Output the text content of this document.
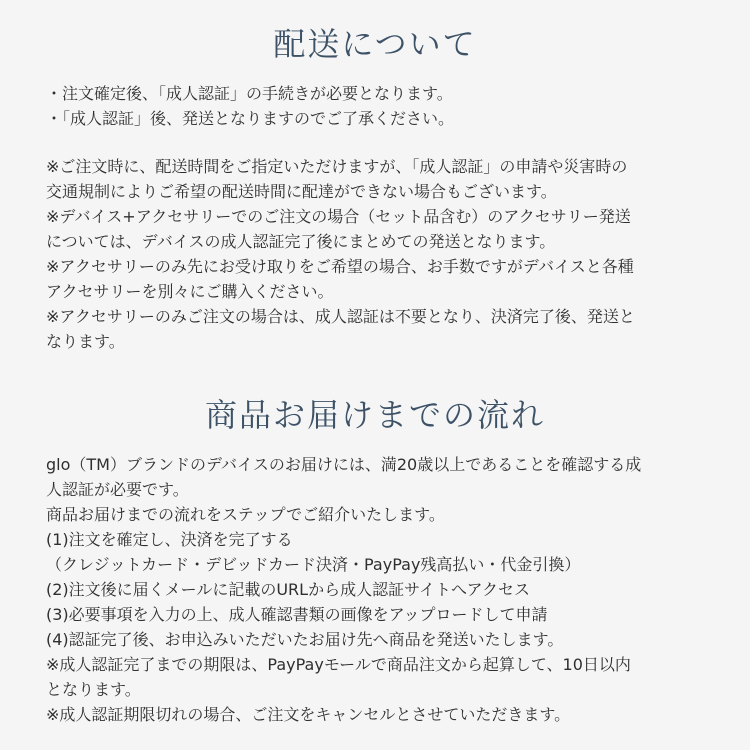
配送について

・注文確定後、「成人認証」の手続きが必要となります。

・「成人認証」後、発送となりますのでご了承ください。

※ご注文時に、配送時間をご指定いただけますが、「成人認証」の申請や災害時の

交通規制によりご希望の配送時間に配達ができない場合もございます。

※デバイス+アクセサリーでのご注文の場合（セット品含む）のアクセサリー発送

については、デバイスの成人認証完了後にまとめての発送となります。

※アクセサリーのみ先にお受け取りをご希望の場合、お手数ですがデバイスと各種

アクセサリーを別々にご購入ください。

※アクセサリーのみご注文の場合は、成人認証は不要となり、決済完了後、発送と

なります。

商品お届けまでの流れ

glo（TM）ブランドのデバイスのお届けには、満20歳以上であることを確認する成

人認証が必要です。

商品お届けまでの流れをステップでご紹介いたします。

(1)注文を確定し、決済を完了する

（クレジットカード・デビッドカード決済・PayPay残高払い・代金引換）

(2)注文後に届くメールに記載のURLから成人認証サイトへアクセス

(3)必要事項を入力の上、成人確認書類の画像をアップロードして申請

(4)認証完了後、お申込みいただいたお届け先へ商品を発送いたします。

※成人認証完了までの期限は、PayPayモールで商品注文から起算して、10日以内

となります。

※成人認証期限切れの場合、ご注文をキャンセルとさせていただきます。
